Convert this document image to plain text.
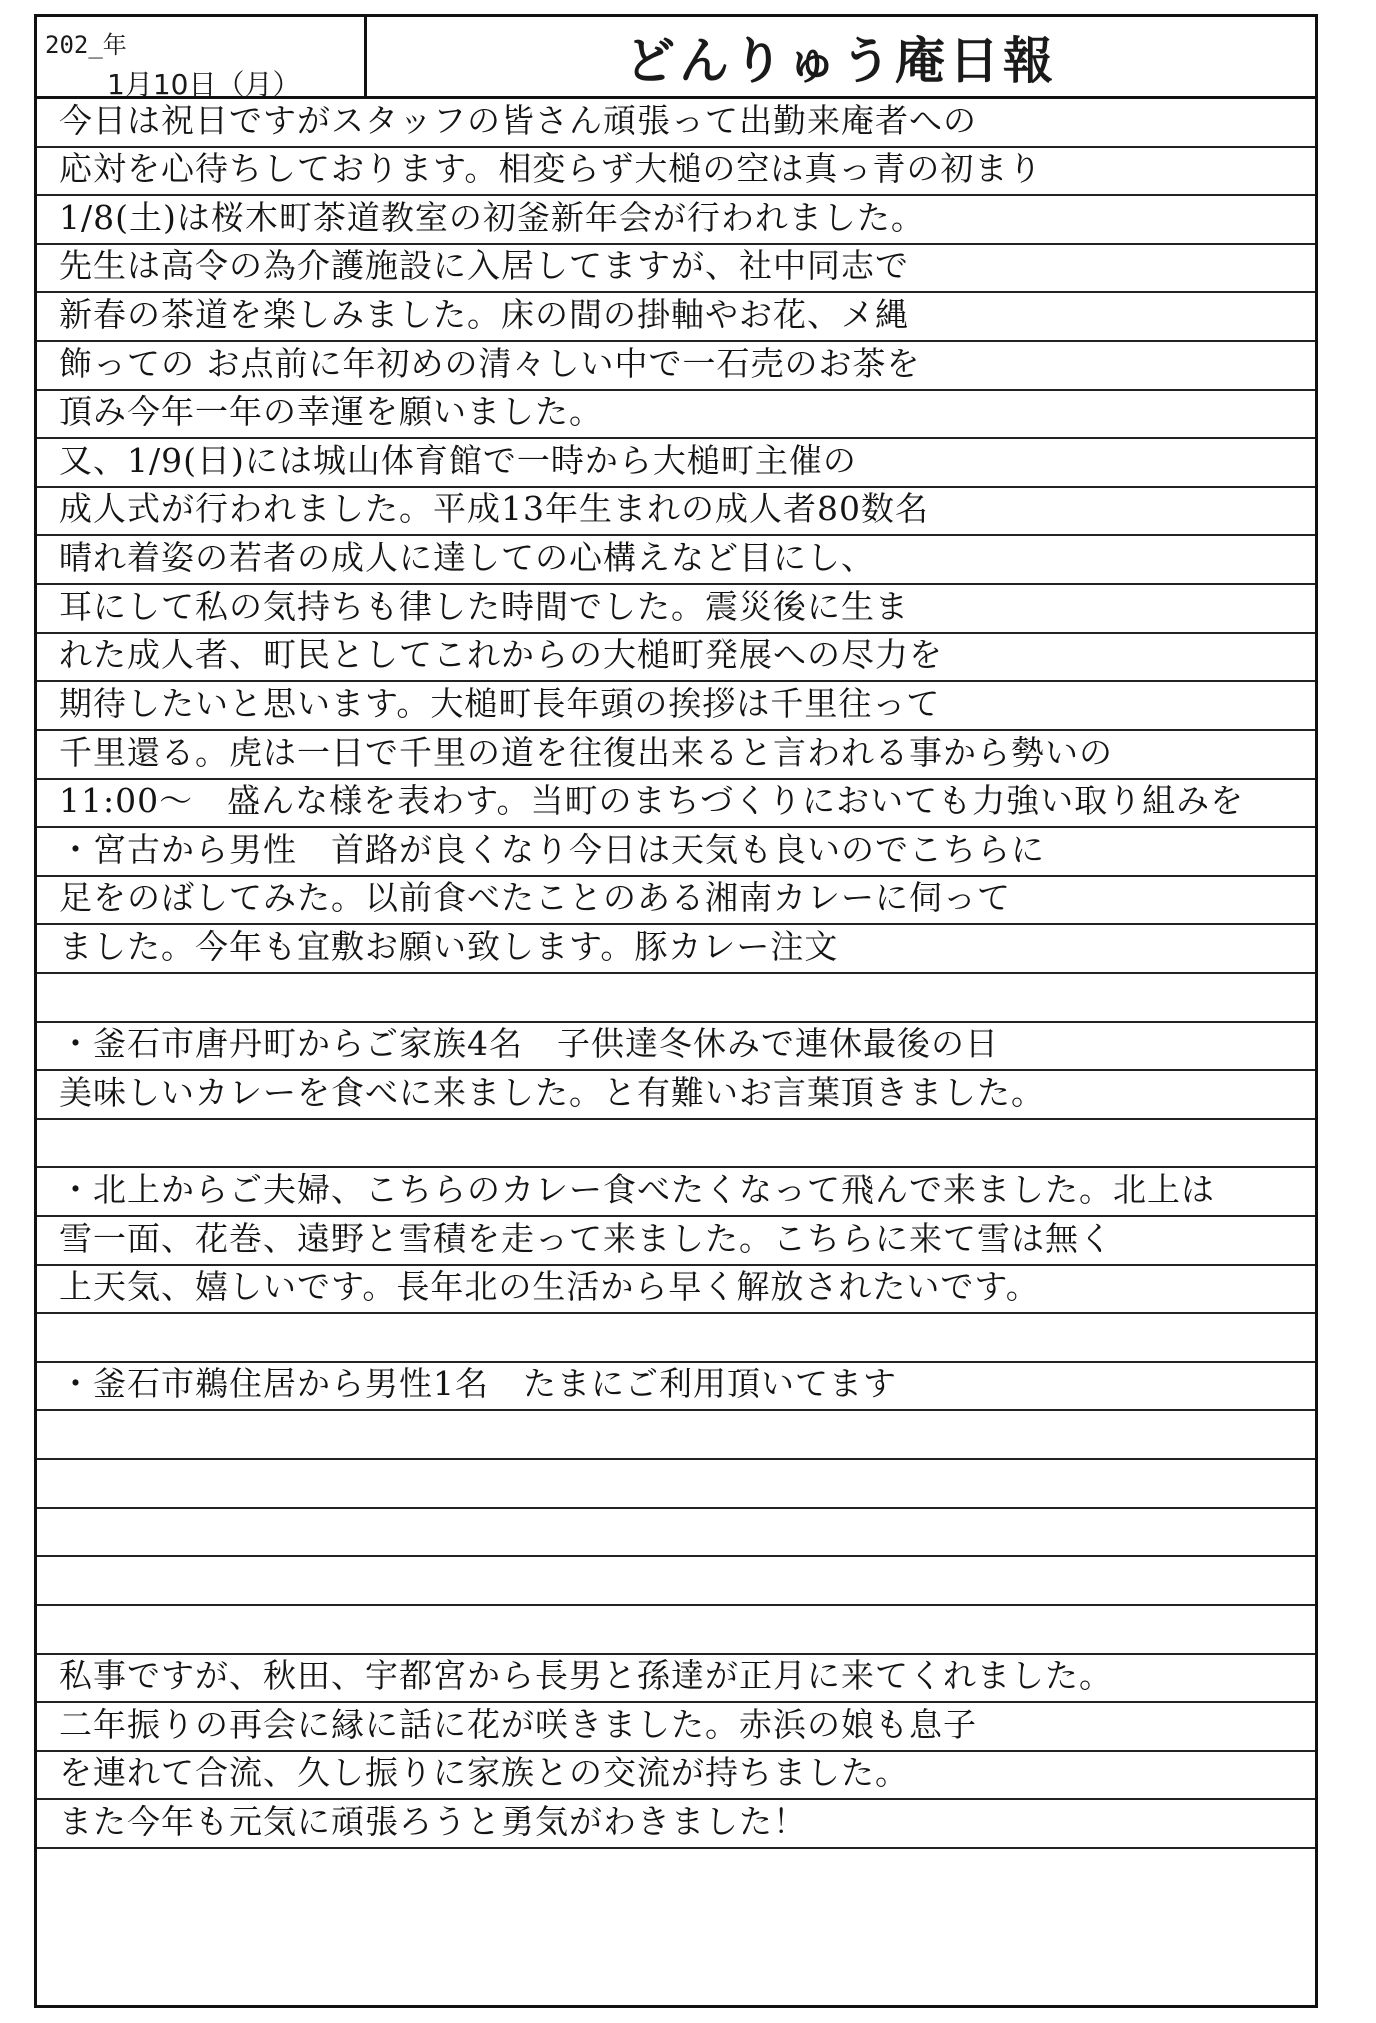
202_年
1月10日（月）	どんりゅう庵日報
今日は祝日ですがスタッフの皆さん頑張って出勤来庵者への
応対を心待ちしております。相変らず大槌の空は真っ青の初まり
1/8(土)は桜木町茶道教室の初釜新年会が行われました。
先生は高令の為介護施設に入居してますが、社中同志で
新春の茶道を楽しみました。床の間の掛軸やお花、メ縄
飾っての お点前に年初めの清々しい中で一石売のお茶を
頂み今年一年の幸運を願いました。
又、1/9(日)には城山体育館で一時から大槌町主催の
成人式が行われました。平成13年生まれの成人者80数名
晴れ着姿の若者の成人に達しての心構えなど目にし、
耳にして私の気持ちも律した時間でした。震災後に生ま
れた成人者、町民としてこれからの大槌町発展への尽力を
期待したいと思います。大槌町長年頭の挨拶は千里往って
千里還る。虎は一日で千里の道を往復出来ると言われる事から勢いの
11:00～　盛んな様を表わす。当町のまちづくりにおいても力強い取り組みを
・宮古から男性　首路が良くなり今日は天気も良いのでこちらに
足をのばしてみた。以前食べたことのある湘南カレーに伺って
ました。今年も宜敷お願い致します。豚カレー注文
・釜石市唐丹町からご家族4名　子供達冬休みで連休最後の日
美味しいカレーを食べに来ました。と有難いお言葉頂きました。
・北上からご夫婦、こちらのカレー食べたくなって飛んで来ました。北上は
雪一面、花巻、遠野と雪積を走って来ました。こちらに来て雪は無く
上天気、嬉しいです。長年北の生活から早く解放されたいです。
・釜石市鵜住居から男性1名　たまにご利用頂いてます
私事ですが、秋田、宇都宮から長男と孫達が正月に来てくれました。
二年振りの再会に縁に話に花が咲きました。赤浜の娘も息子
を連れて合流、久し振りに家族との交流が持ちました。
また今年も元気に頑張ろうと勇気がわきました！
